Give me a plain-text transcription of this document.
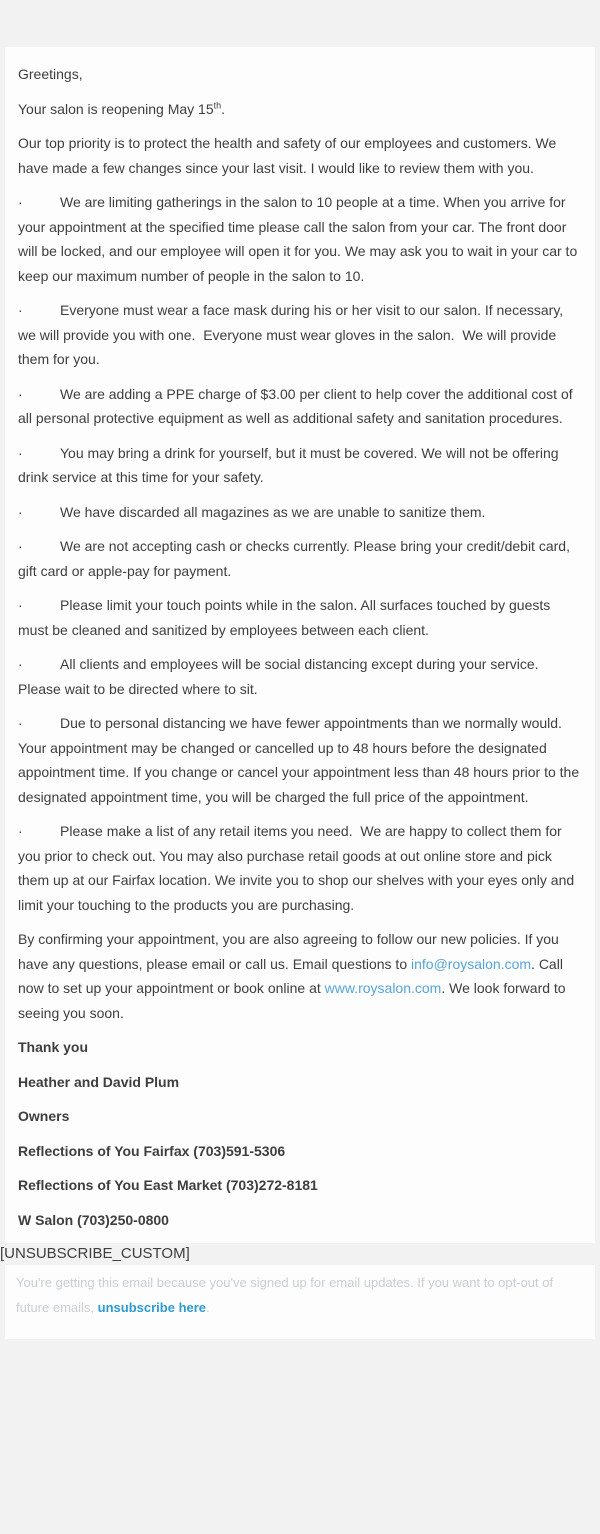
Greetings,

Your salon is reopening May 15th.

Our top priority is to protect the health and safety of our employees and customers. We have made a few changes since your last visit. I would like to review them with you.

·	We are limiting gatherings in the salon to 10 people at a time. When you arrive for your appointment at the specified time please call the salon from your car. The front door will be locked, and our employee will open it for you. We may ask you to wait in your car to keep our maximum number of people in the salon to 10.

·	Everyone must wear a face mask during his or her visit to our salon. If necessary, we will provide you with one.  Everyone must wear gloves in the salon.  We will provide them for you.

·	We are adding a PPE charge of $3.00 per client to help cover the additional cost of all personal protective equipment as well as additional safety and sanitation procedures.

·	You may bring a drink for yourself, but it must be covered. We will not be offering drink service at this time for your safety.

·	We have discarded all magazines as we are unable to sanitize them.

·	We are not accepting cash or checks currently. Please bring your credit/debit card, gift card or apple-pay for payment.

·	Please limit your touch points while in the salon. All surfaces touched by guests must be cleaned and sanitized by employees between each client.

·	All clients and employees will be social distancing except during your service. Please wait to be directed where to sit.

·	Due to personal distancing we have fewer appointments than we normally would. Your appointment may be changed or cancelled up to 48 hours before the designated appointment time. If you change or cancel your appointment less than 48 hours prior to the designated appointment time, you will be charged the full price of the appointment.

·	Please make a list of any retail items you need.  We are happy to collect them for you prior to check out. You may also purchase retail goods at out online store and pick them up at our Fairfax location. We invite you to shop our shelves with your eyes only and limit your touching to the products you are purchasing.

By confirming your appointment, you are also agreeing to follow our new policies. If you have any questions, please email or call us. Email questions to info@roysalon.com. Call now to set up your appointment or book online at www.roysalon.com. We look forward to seeing you soon.

Thank you

Heather and David Plum

Owners

Reflections of You Fairfax (703)591-5306

Reflections of You East Market (703)272-8181

W Salon (703)250-0800

[UNSUBSCRIBE_CUSTOM]
You're getting this email because you've signed up for email updates. If you want to opt-out of future emails, unsubscribe here.
